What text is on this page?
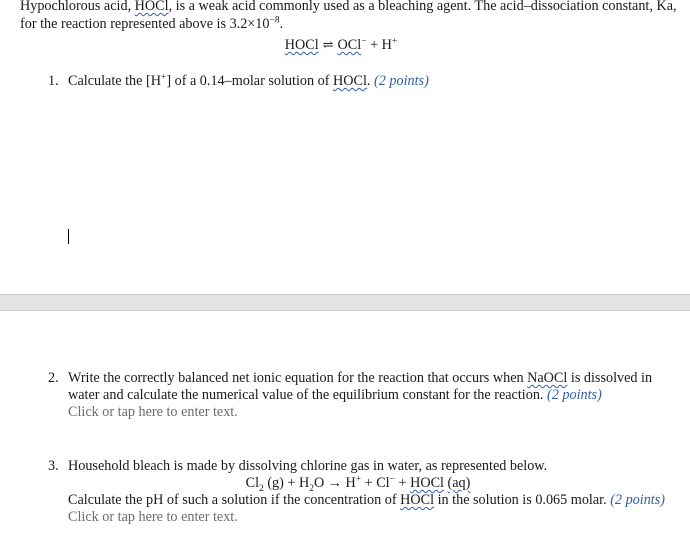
Hypochlorous acid, HOCl, is a weak acid commonly used as a bleaching agent. The acid–dissociation constant, Ka, for the reaction represented above is $3.2\times 10^{-8}$.
HOCl ⇌ OCl− + H+
1. Calculate the [H+] of a 0.14–molar solution of HOCl. (2 points)
2. Write the correctly balanced net ionic equation for the reaction that occurs when NaOCl is dissolved in water and calculate the numerical value of the equilibrium constant for the reaction. (2 points)
Click or tap here to enter text.
3. Household bleach is made by dissolving chlorine gas in water, as represented below.
$Cl_2$ $(g) + H_2O \to H^+ + Cl^-$ + HOCl (aq)
Calculate the pH of such a solution if the concentration of HOCl in the solution is 0.065 molar. (2 points)
Click or tap here to enter text.
